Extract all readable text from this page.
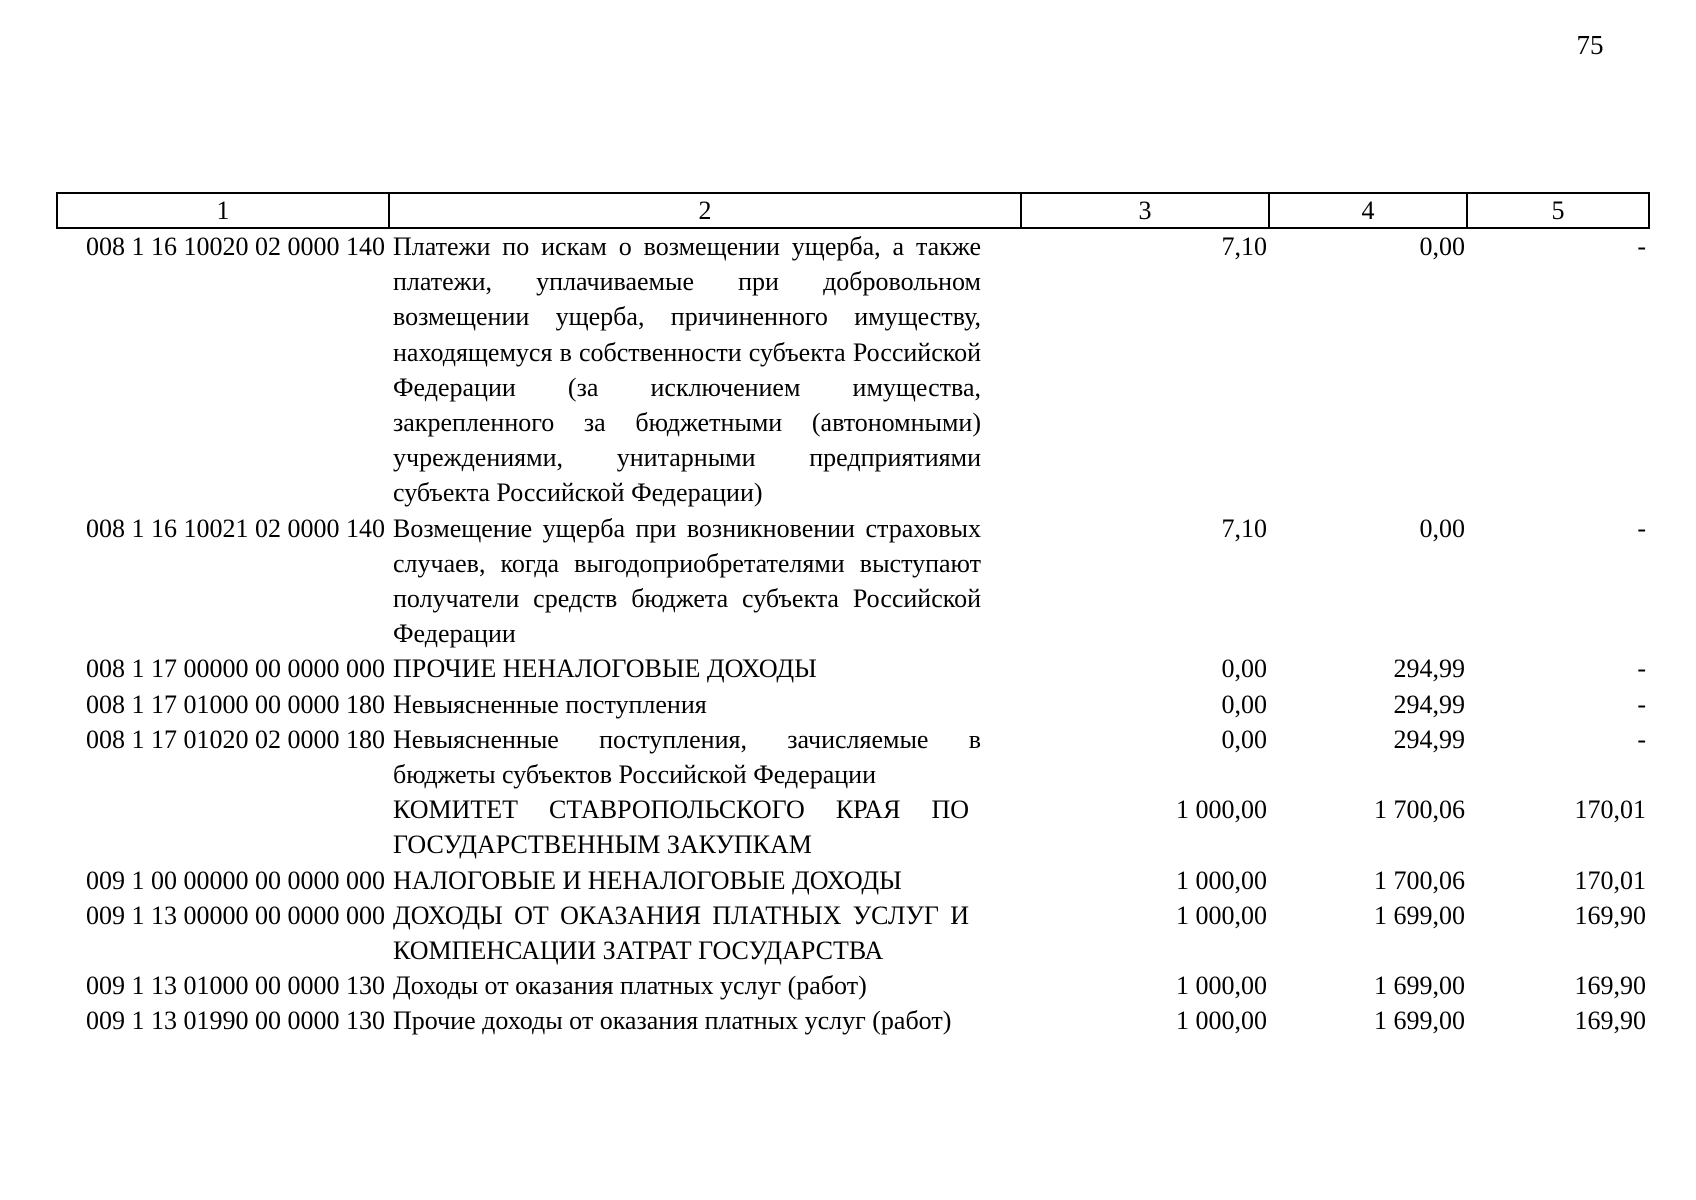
75
1	2	3	4	5
008 1 16 10020 02 0000 140	Платежи по искам о возмещении ущерба, а также платежи, уплачиваемые при добровольном возмещении ущерба, причиненного имуществу, находящемуся в собственности субъекта Российской Федерации (за исключением имущества, закрепленного за бюджетными (автономными) учреждениями, унитарными предприятиями субъекта Российской Федерации)	7,10	0,00	-
008 1 16 10021 02 0000 140	Возмещение ущерба при возникновении страховых случаев, когда выгодоприобретателями выступают получатели средств бюджета субъекта Российской Федерации	7,10	0,00	-
008 1 17 00000 00 0000 000	ПРОЧИЕ НЕНАЛОГОВЫЕ ДОХОДЫ	0,00	294,99	-
008 1 17 01000 00 0000 180	Невыясненные поступления	0,00	294,99	-
008 1 17 01020 02 0000 180	Невыясненные поступления, зачисляемые в бюджеты субъектов Российской Федерации	0,00	294,99	-
	КОМИТЕТ СТАВРОПОЛЬСКОГО КРАЯ ПО ГОСУДАРСТВЕННЫМ ЗАКУПКАМ	1 000,00	1 700,06	170,01
009 1 00 00000 00 0000 000	НАЛОГОВЫЕ И НЕНАЛОГОВЫЕ ДОХОДЫ	1 000,00	1 700,06	170,01
009 1 13 00000 00 0000 000	ДОХОДЫ ОТ ОКАЗАНИЯ ПЛАТНЫХ УСЛУГ И КОМПЕНСАЦИИ ЗАТРАТ ГОСУДАРСТВА	1 000,00	1 699,00	169,90
009 1 13 01000 00 0000 130	Доходы от оказания платных услуг (работ)	1 000,00	1 699,00	169,90
009 1 13 01990 00 0000 130	Прочие доходы от оказания платных услуг (работ)	1 000,00	1 699,00	169,90
